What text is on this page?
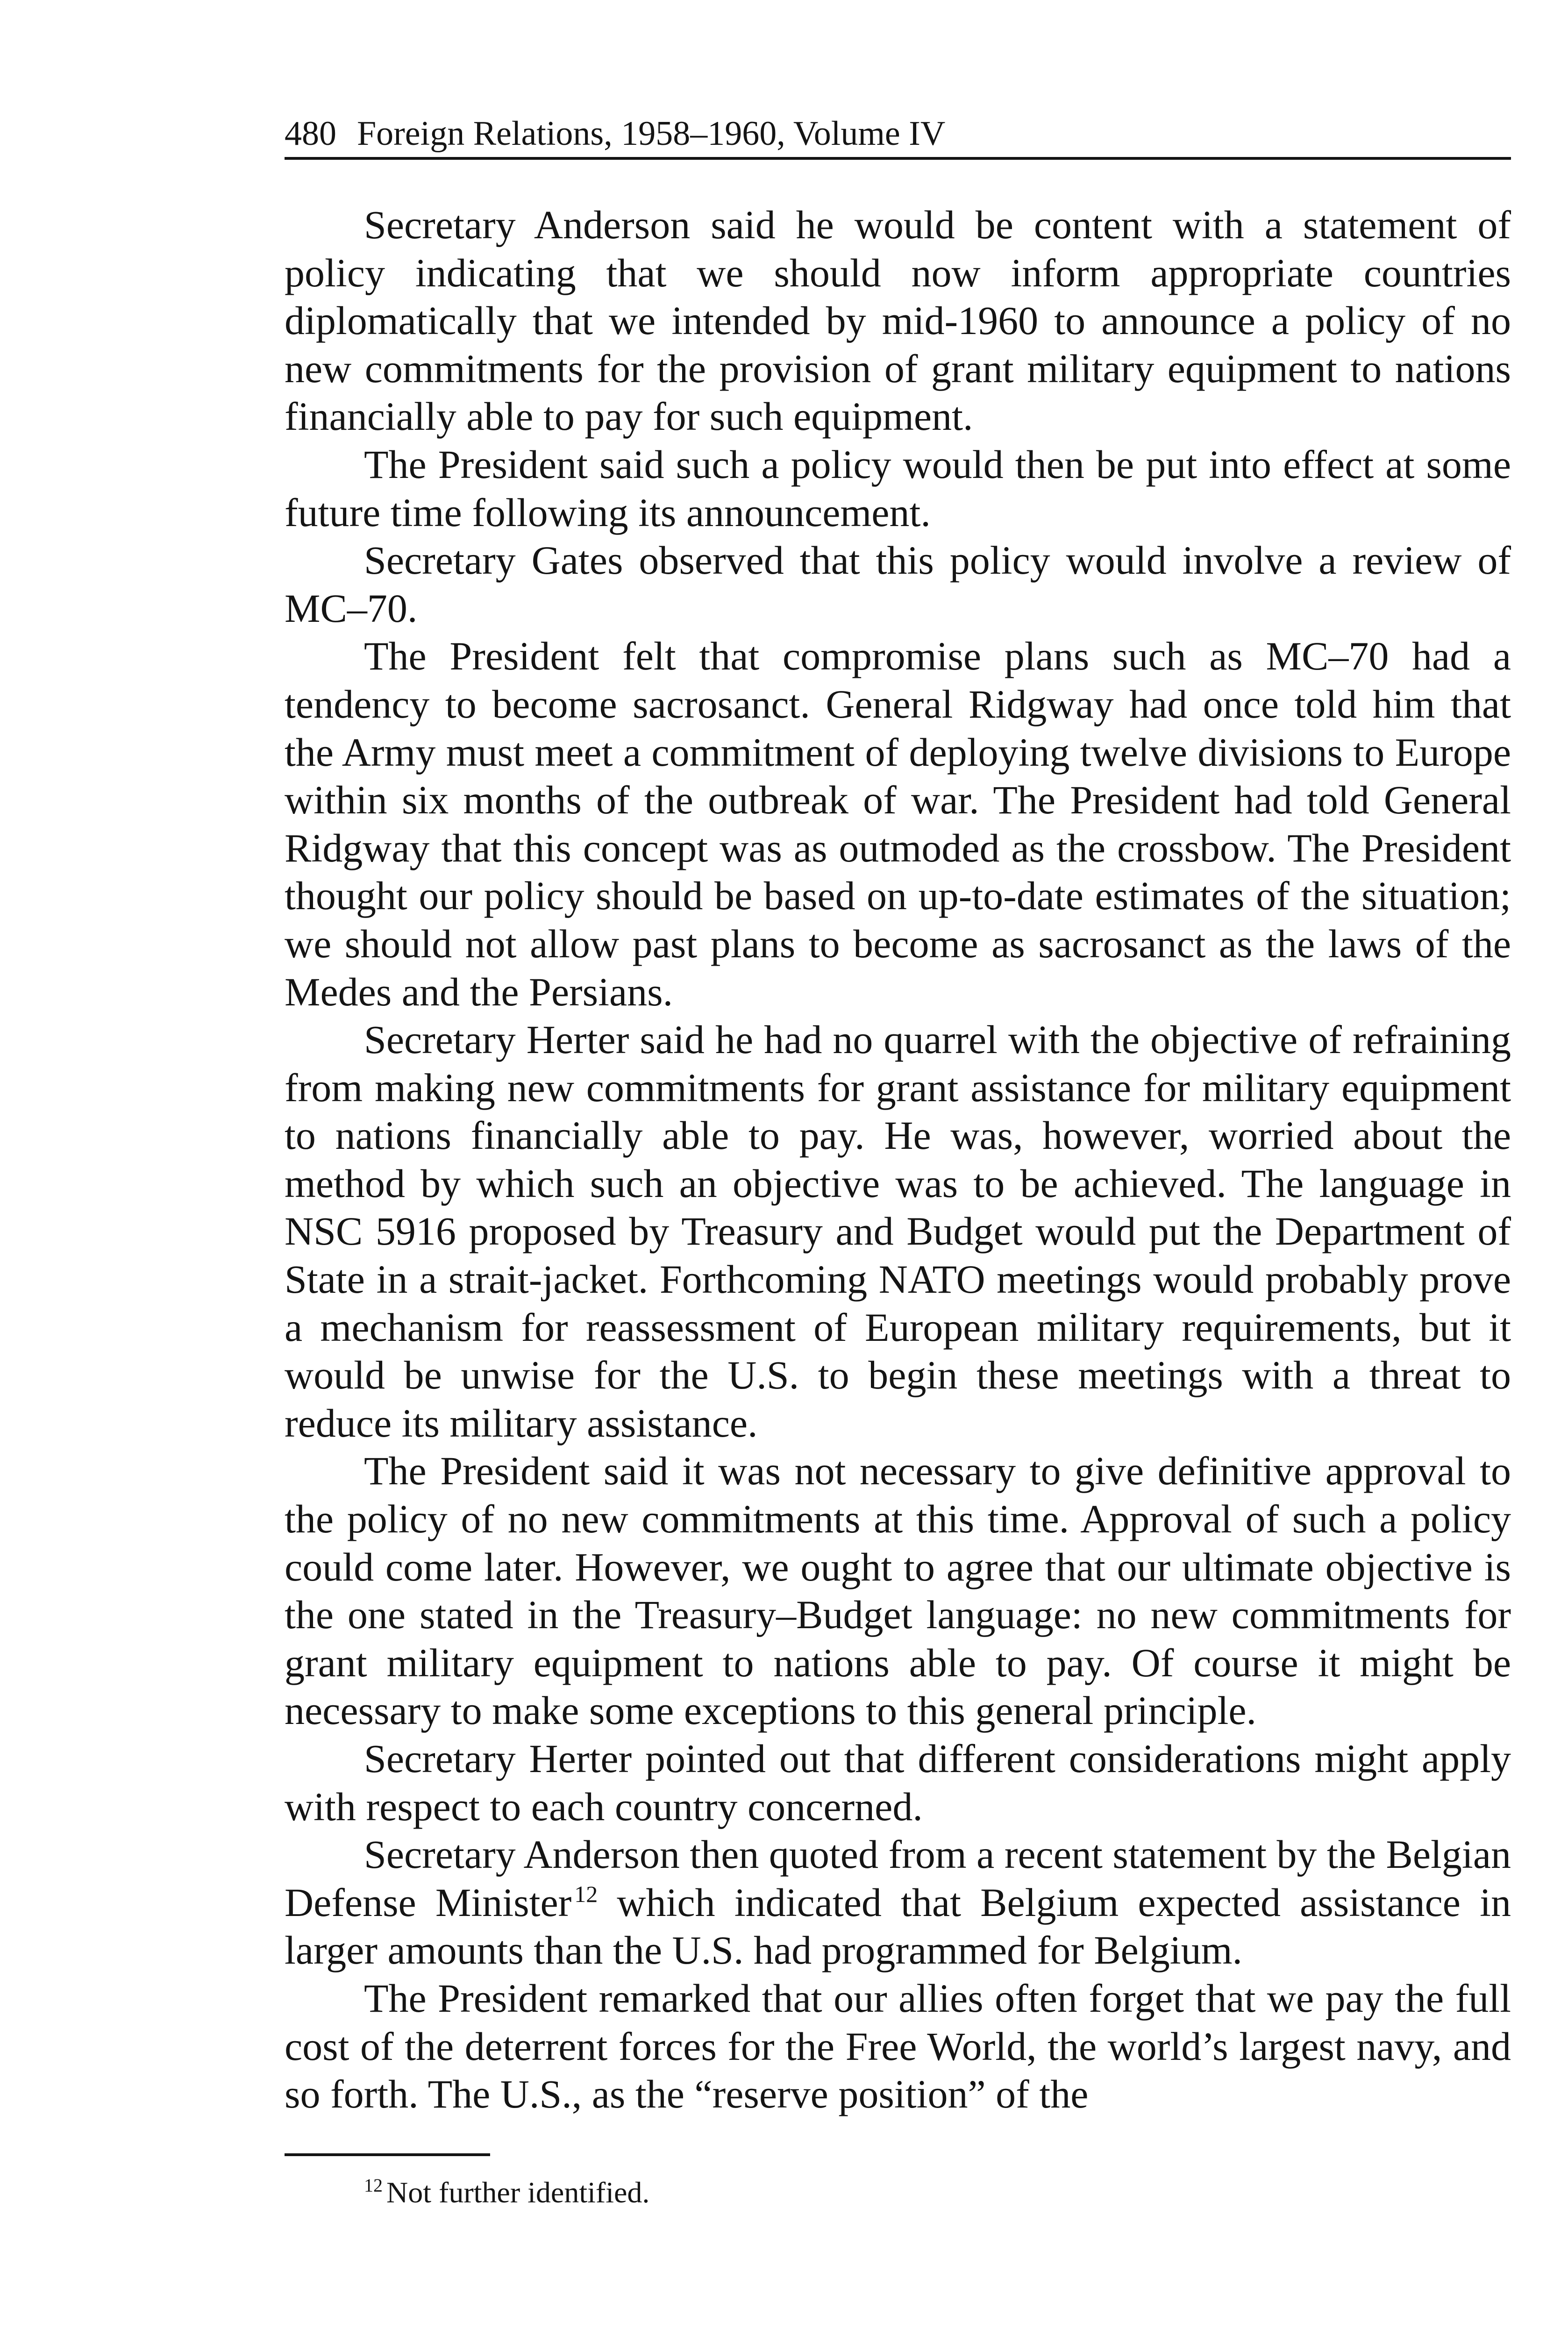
480 Foreign Relations, 1958–1960, Volume IV

Secretary Anderson said he would be content with a statement of policy indicating that we should now inform appropriate countries diplomatically that we intended by mid-1960 to announce a policy of no new commitments for the provision of grant military equipment to nations financially able to pay for such equipment.

The President said such a policy would then be put into effect at some future time following its announcement.

Secretary Gates observed that this policy would involve a review of MC–70.

The President felt that compromise plans such as MC–70 had a tendency to become sacrosanct. General Ridgway had once told him that the Army must meet a commitment of deploying twelve divisions to Europe within six months of the outbreak of war. The President had told General Ridgway that this concept was as outmoded as the crossbow. The President thought our policy should be based on up-to-date estimates of the situation; we should not allow past plans to become as sacrosanct as the laws of the Medes and the Persians.

Secretary Herter said he had no quarrel with the objective of refraining from making new commitments for grant assistance for military equipment to nations financially able to pay. He was, however, worried about the method by which such an objective was to be achieved. The language in NSC 5916 proposed by Treasury and Budget would put the Department of State in a strait-jacket. Forthcoming NATO meetings would probably prove a mechanism for reassessment of European military requirements, but it would be unwise for the U.S. to begin these meetings with a threat to reduce its military assistance.

The President said it was not necessary to give definitive approval to the policy of no new commitments at this time. Approval of such a policy could come later. However, we ought to agree that our ultimate objective is the one stated in the Treasury–Budget language: no new commitments for grant military equipment to nations able to pay. Of course it might be necessary to make some exceptions to this general principle.

Secretary Herter pointed out that different considerations might apply with respect to each country concerned.

Secretary Anderson then quoted from a recent statement by the Belgian Defense Minister $^{12}$ which indicated that Belgium expected assistance in larger amounts than the U.S. had programmed for Belgium.

The President remarked that our allies often forget that we pay the full cost of the deterrent forces for the Free World, the world’s largest navy, and so forth. The U.S., as the “reserve position” of the

$^{12}$ Not further identified.
